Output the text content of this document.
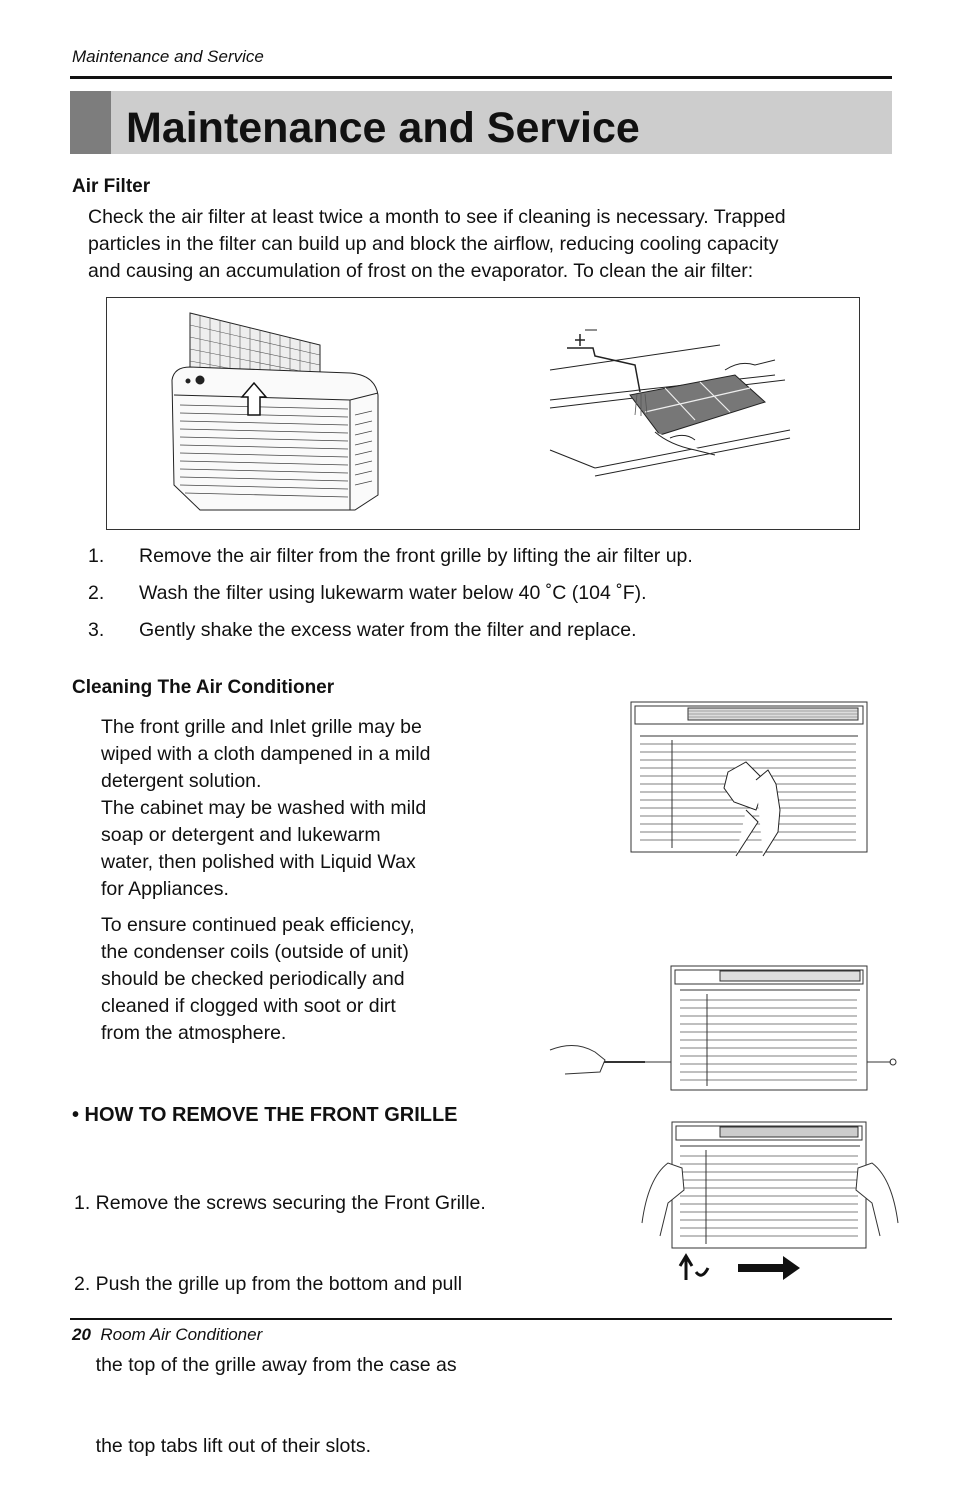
Maintenance and Service
Maintenance and Service
Air Filter
Check the air filter at least twice a month to see if cleaning is necessary. Trapped
particles in the filter can build up and block the airflow, reducing cooling capacity
and causing an accumulation of frost on the evaporator. To clean the air filter:
1. Remove the air filter from the front grille by lifting the air filter up.
2. Wash the filter using lukewarm water below 40 ˚C (104 ˚F).
3. Gently shake the excess water from the filter and replace.
Cleaning The Air Conditioner
The front grille and Inlet grille may be
wiped with a cloth dampened in a mild
detergent solution.
The cabinet may be washed with mild
soap or detergent and lukewarm
water, then polished with Liquid Wax
for Appliances.
To ensure continued peak efficiency,
the condenser coils (outside of unit)
should be checked periodically and
cleaned if clogged with soot or dirt
from the atmosphere.
• HOW TO REMOVE THE FRONT GRILLE

1. Remove the screws securing the Front Grille.

2. Push the grille up from the bottom and pull

the top of the grille away from the case as

the top tabs lift out of their slots.

20 Room Air Conditioner
